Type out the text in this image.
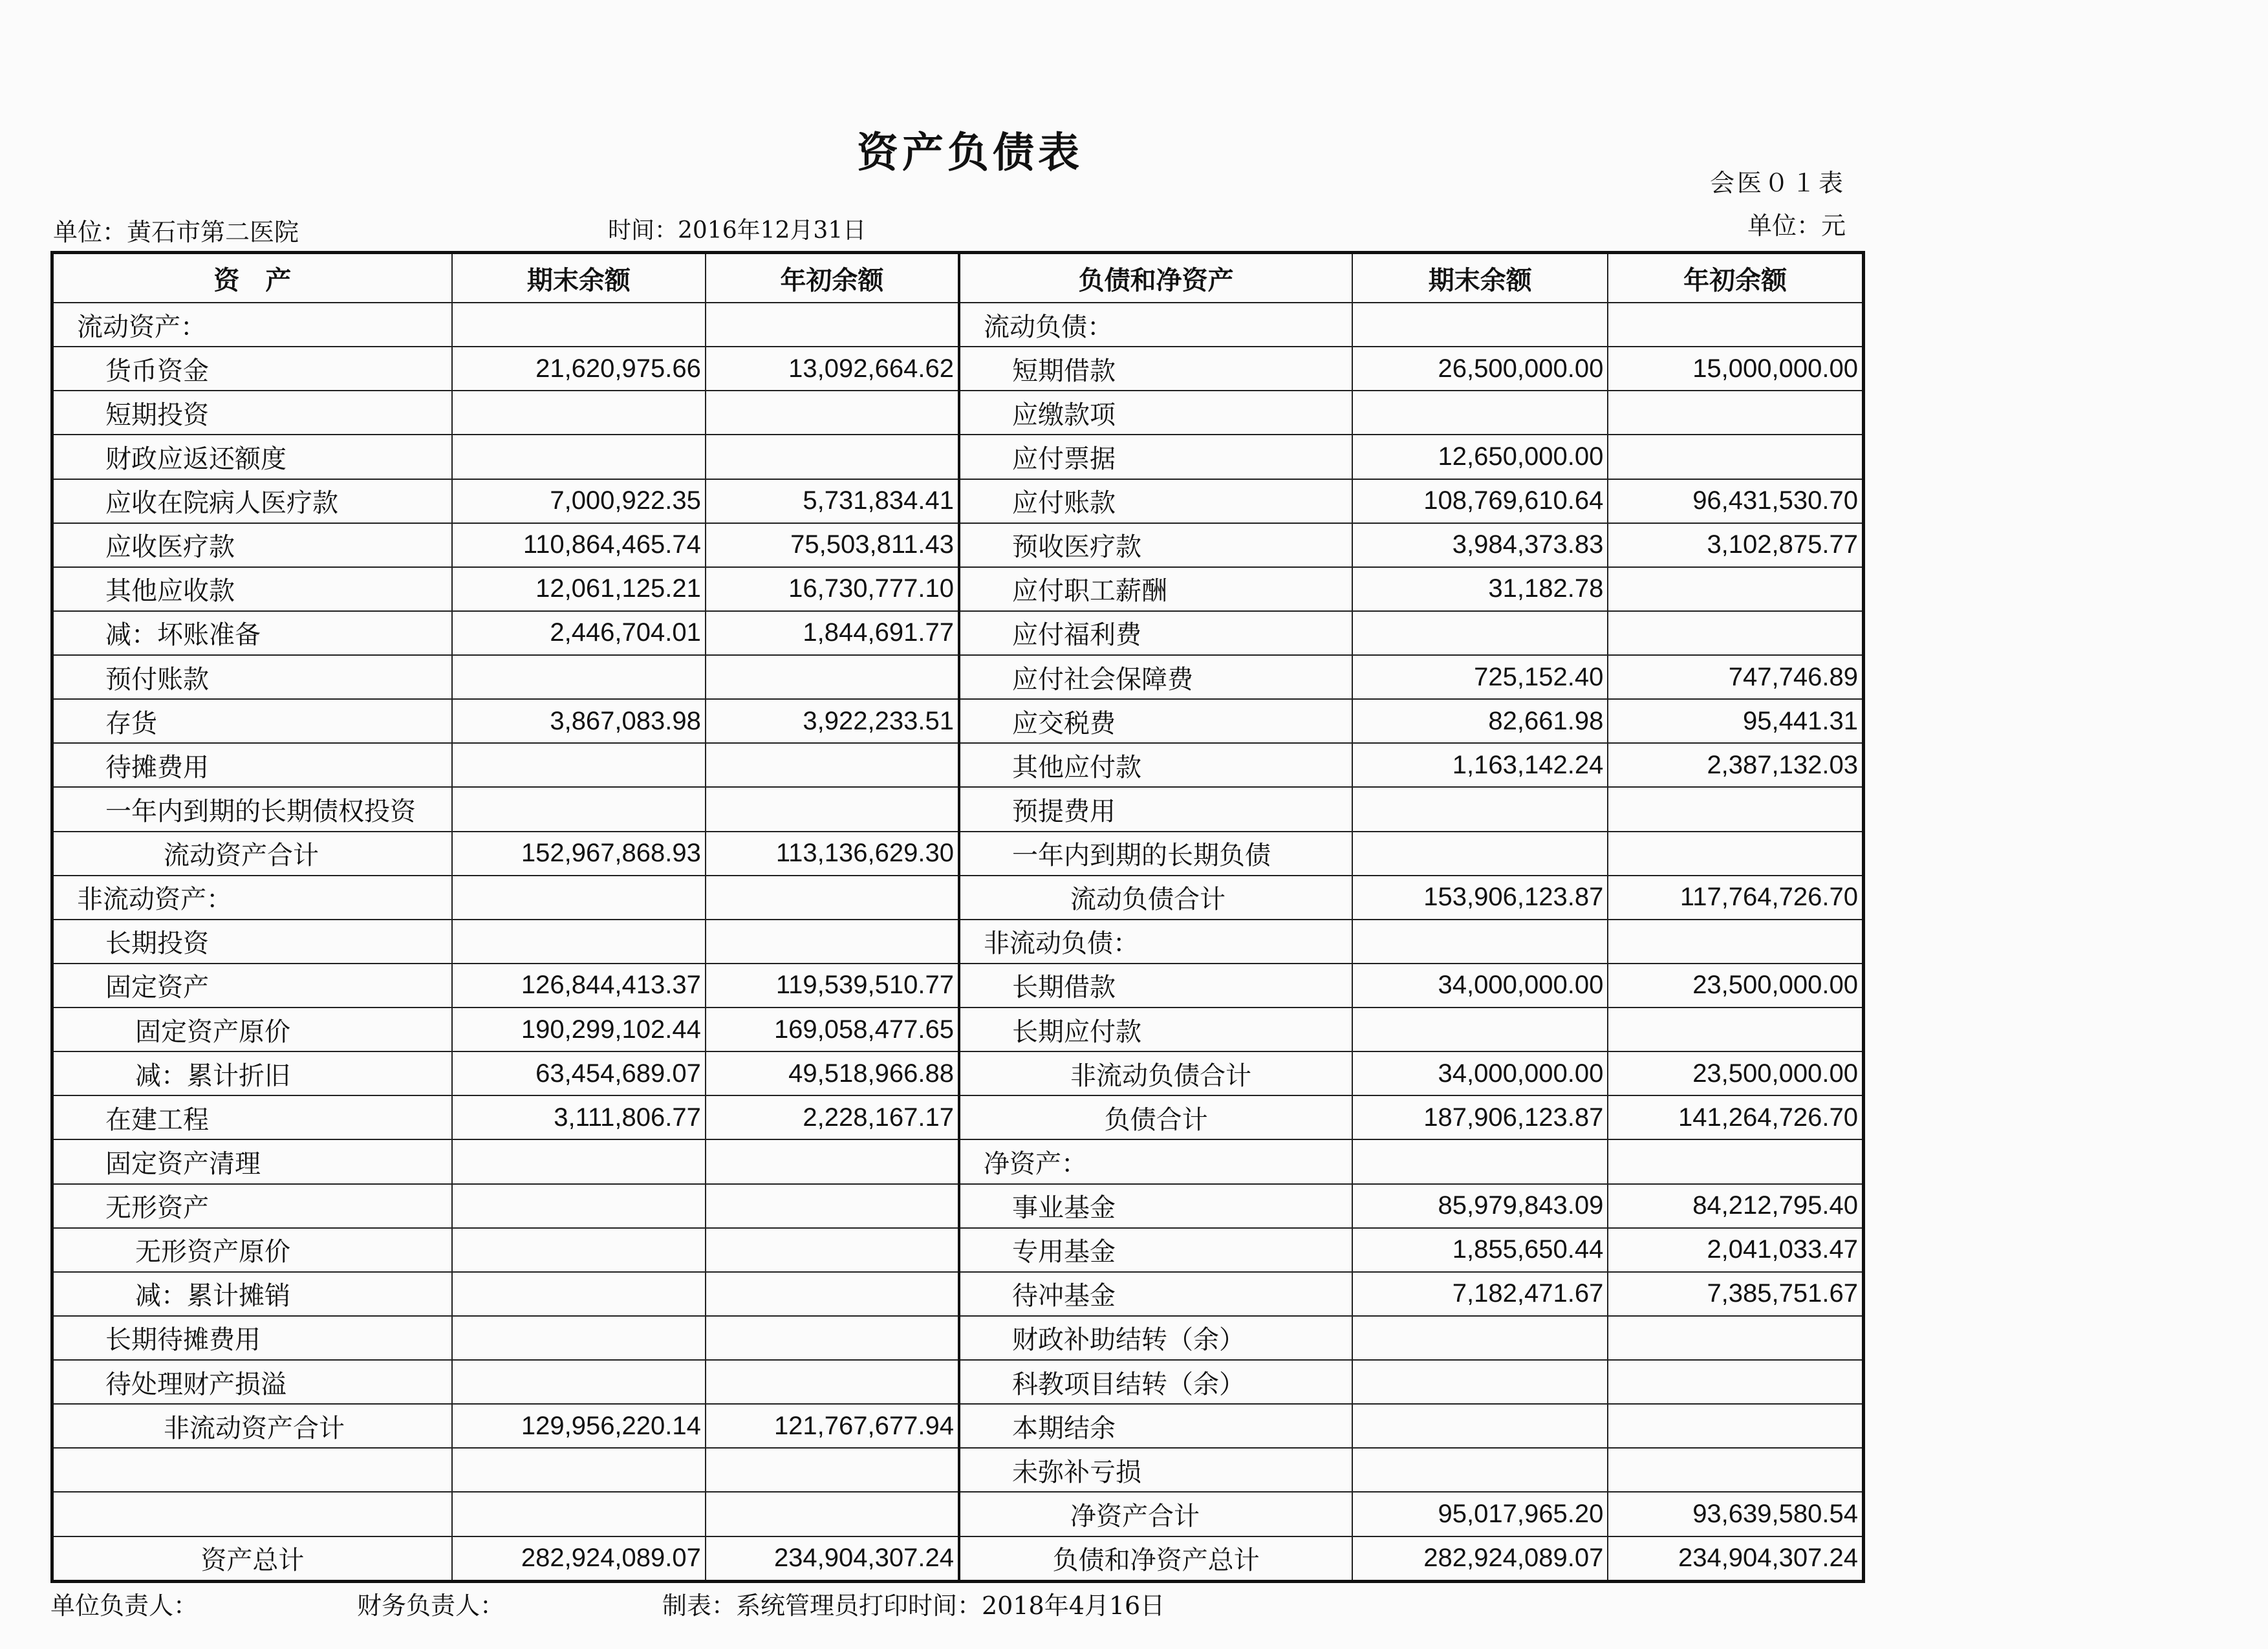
资产负债表
会医０１表
单位：黄石市第二医院	时间：2016年12月31日	单位：元
资　产	期末余额	年初余额	负债和净资产	期末余额	年初余额
流动资产：			流动负债：		
货币资金	21,620,975.66	13,092,664.62	短期借款	26,500,000.00	15,000,000.00
短期投资			应缴款项		
财政应返还额度			应付票据	12,650,000.00	
应收在院病人医疗款	7,000,922.35	5,731,834.41	应付账款	108,769,610.64	96,431,530.70
应收医疗款	110,864,465.74	75,503,811.43	预收医疗款	3,984,373.83	3,102,875.77
其他应收款	12,061,125.21	16,730,777.10	应付职工薪酬	31,182.78	
减：坏账准备	2,446,704.01	1,844,691.77	应付福利费		
预付账款			应付社会保障费	725,152.40	747,746.89
存货	3,867,083.98	3,922,233.51	应交税费	82,661.98	95,441.31
待摊费用			其他应付款	1,163,142.24	2,387,132.03
一年内到期的长期债权投资			预提费用		
流动资产合计	152,967,868.93	113,136,629.30	一年内到期的长期负债		
非流动资产：			流动负债合计	153,906,123.87	117,764,726.70
长期投资			非流动负债：		
固定资产	126,844,413.37	119,539,510.77	长期借款	34,000,000.00	23,500,000.00
固定资产原价	190,299,102.44	169,058,477.65	长期应付款		
减：累计折旧	63,454,689.07	49,518,966.88	非流动负债合计	34,000,000.00	23,500,000.00
在建工程	3,111,806.77	2,228,167.17	负债合计	187,906,123.87	141,264,726.70
固定资产清理			净资产：		
无形资产			事业基金	85,979,843.09	84,212,795.40
无形资产原价			专用基金	1,855,650.44	2,041,033.47
减：累计摊销			待冲基金	7,182,471.67	7,385,751.67
长期待摊费用			财政补助结转（余）		
待处理财产损溢			科教项目结转（余）		
非流动资产合计	129,956,220.14	121,767,677.94	本期结余		
			未弥补亏损		
			净资产合计	95,017,965.20	93,639,580.54
资产总计	282,924,089.07	234,904,307.24	负债和净资产总计	282,924,089.07	234,904,307.24
单位负责人：	财务负责人：	制表：系统管理员打印时间：2018年4月16日
